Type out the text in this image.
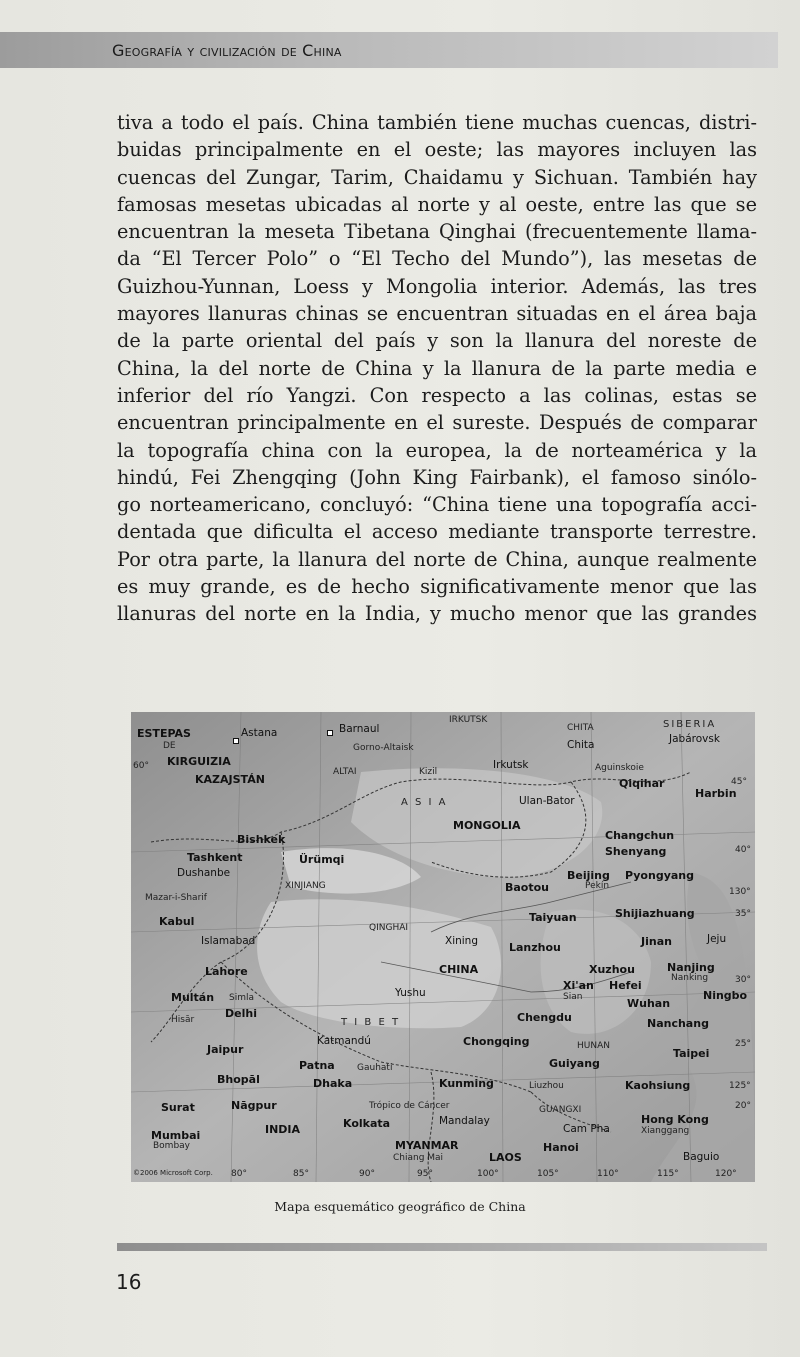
Geografía y civilización de China
tiva a todo el país. China también tiene muchas cuencas, distri-
buidas principalmente en el oeste; las mayores incluyen las
cuencas del Zungar, Tarim, Chaidamu y Sichuan. También hay
famosas mesetas ubicadas al norte y al oeste, entre las que se
encuentran la meseta Tibetana Qinghai (frecuentemente llama-
da “El Tercer Polo” o “El Techo del Mundo”), las mesetas de
Guizhou-Yunnan, Loess y Mongolia interior. Además, las tres
mayores llanuras chinas se encuentran situadas en el área baja
de la parte oriental del país y son la llanura del noreste de
China, la del norte de China y la llanura de la parte media e
inferior del río Yangzi. Con respecto a las colinas, estas se
encuentran principalmente en el sureste. Después de comparar
la topografía china con la europea, la de norteamérica y la
hindú, Fei Zhengqing (John King Fairbank), el famoso sinólo-
go norteamericano, concluyó: “China tiene una topografía acci-
dentada que dificulta el acceso mediante transporte terrestre.
Por otra parte, la llanura del norte de China, aunque realmente
es muy grande, es de hecho significativamente menor que las
llanuras del norte en la India, y mucho menor que las grandes
ESTEPAS
DE
KIRGUIZIA
KAZAJSTÁN
SIBERIA
A S I A
MONGOLIA
ALTAI
XINJIANG
QINGHAI
CHINA
T I B E T
INDIA
MYANMAR
LAOS
HUNAN
GUANGXI
IRKUTSK
CHITA
Astana	Barnaul
Gorno-Altaisk
Kizil
Irkutsk
Chita	Jabárovsk
Aguinskoie
Qiqihar
Harbin
Ulan-Bator
Bishkek
Tashkent
Dushanbe
Ürümqi
Changchun
Shenyang
Beijing
Pekín
Pyongyang
Baotou
Mazar-i-Sharif
Kabul	Taiyuan	Shijiazhuang
Islamabad	Xining	Lanzhou	Jinan	Jeju
Lahore	Xuzhou	Nanjing
Nanking
Xi'an
Sian
Hefei
Multán Simla	Yushu
Hisār	Delhi
Wuhan
Ningbo
Chengdu	Nanchang
Katmandú	Chongqing
Jaipur
Guiyang
Taipei
Patna Gauhati
Bhopāl	Dhaka	Kunming	Liuzhou	Kaohsiung
Surat	Nāgpur	Trópico de Cáncer
Mandalay	Hong Kong
Xianggang
Cam Pha
Kolkata
Mumbai
Bombay	Hanoi
Chiang Mai	Baguio
60°
80°	85°	90°	95°	100°	105°	110°	115°	120°
45°
40°
130°
35°
30°
25°
125°
20°
©2006 Microsoft Corp.
Mapa esquemático geográfico de China
16
